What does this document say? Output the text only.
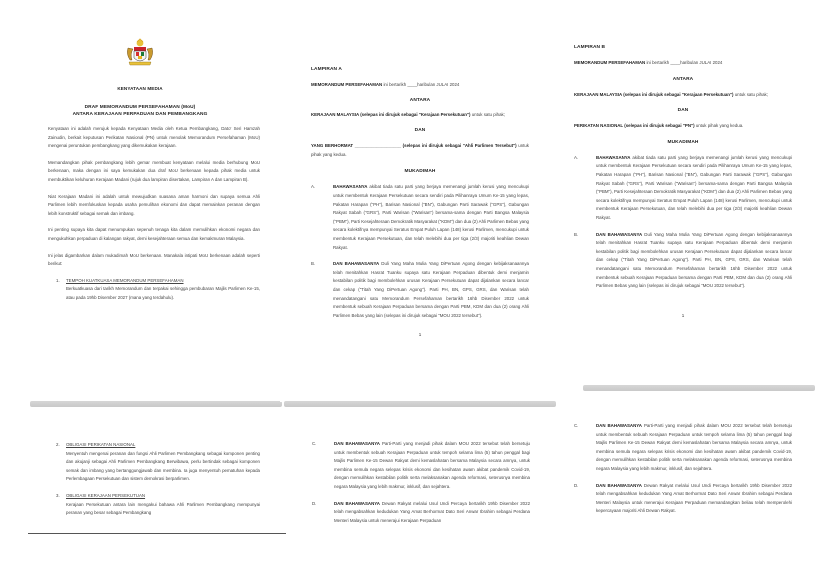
KENYATAAN MEDIA
DRAF MEMORANDUM PERSEFAHAMAN (MoU)
ANTARA KERAJAAN PERPADUAN DAN PEMBANGKANG

Kenyataan ini adalah merujuk kepada Kenyataan Media oleh Ketua Pembangkang, Dato' Seri Hamzah Zainudin, berkait keputusan Perikatan Nasional (PN) untuk menolak Memorandum Persefahaman (MoU) mengenai peruntukan pembangkang yang dikemukakan kerajaan.

Memandangkan pihak pembangkang lebih gemar membuat kenyataan melalui media berhubung MoU berkenaan, maka dengan ini saya kemukakan dua draf MoU berkenaan kepada pihak media untuk membuktikan keluhuran Kerajaan Madani (rujuk dua lampiran disertakan, Lampiran A dan Lampiran B).

Niat Kerajaan Madani ini adalah untuk mewujudkan suasana aman harmoni dan supaya semua Ahli Parlimen lebih memfokuskan kepada usaha pemulihan ekonomi dan dapat memainkan peranan dengan lebih konstruktif sebagai semak dan imbang.

Ini penting supaya kita dapat menumpukan sepenuh tenaga kita dalam memulihkan ekonomi negara dan mengukuhkan perpaduan di kalangan rakyat, demi kesejahteraan semua dan kemakmuran Malaysia.

Ini jelas digambarkan dalam mukadimah MoU berkenaan. Manakala intipati MoU berkenaan adalah seperti berikut:

1.	TEMPOH KUATKUASA MEMORANDUM PERSEFAHAMAN
Berkuatkuasa dari tarikh Memorandum dan terpakai sehingga pembubaran Majlis Parlimen Ke-15, atau pada 19hb Disember 2027 (mana yang terdahulu).
LAMPIRAN A
MEMORANDUM PERSEFAHAMAN ini bertarikh ____haribulan JULAI 2024
ANTARA
KERAJAAN MALAYSIA (selepas ini dirujuk sebagai "Kerajaan Persekutuan") untuk satu pihak;
DAN
YANG BERHORMAT ___________________ (selepas ini dirujuk sebagai "Ahli Parlimen Tersebut") untuk pihak yang kedua.
MUKADIMAH
A.	BAHAWASANYA akibat tiada satu parti yang berjaya memenangi jumlah kerusi yang mencukupi untuk membentuk Kerajaan Persekutuan secara sendiri pada Pilihanraya Umum Ke-15 yang lepas, Pakatan Harapan ("PH"), Barisan Nasional ("BN"), Gabungan Parti Sarawak ("GPS"), Gabungan Rakyat Sabah ("GRS"), Parti Warisan ("Warisan") bersama-sama dengan Parti Bangsa Malaysia ("PBM"), Parti Kesejahteraan Demokratik Masyarakat ("KDM") dan dua (2) Ahli Parlimen Bebas yang secara kolektifnya mempunyai Seratus Empat Puluh Lapan (148) kerusi Parlimen, mencukupi untuk membentuk Kerajaan Persekutuan, dan telah melebihi dua per tiga (2/3) majoriti keahlian Dewan Rakyat.
B.	DAN BAHAWASANYA Duli Yang Maha Mulia Yang DiPertuan Agong dengan kebijaksanaannya telah menitahkan Hasrat Tuanku supaya satu Kerajaan Perpaduan dibentuk demi menjamin kestabilan politik bagi membolehkan urusan Kerajaan Persekutuan dapat dijalankan secara lancar dan cekap ("Titah Yang DiPertuan Agong"). Parti PH, BN, GPS, GRS, dan Warisan telah menandatangani satu Memorandum Persefahaman bertarikh 16hb Disember 2022 untuk membentuk sebuah Kerajaan Perpaduan bersama dengan Parti PBM, KDM dan dua (2) orang Ahli Parlimen Bebas yang lain (selepas ini dirujuk sebagai "MOU 2022 tersebut").
1
LAMPIRAN B
MEMORANDUM PERSEFAHAMAN ini bertarikh ____haribulan JULAI 2024
ANTARA
KERAJAAN MALAYSIA (selepas ini dirujuk sebagai "Kerajaan Persekutuan") untuk satu pihak;
DAN
PERIKATAN NASIONAL (selepas ini dirujuk sebagai "PN") untuk pihak yang kedua.
MUKADIMAH
A.	BAHAWASANYA akibat tiada satu parti yang berjaya memenangi jumlah kerusi yang mencukupi untuk membentuk Kerajaan Persekutuan secara sendiri pada Pilihanraya Umum Ke-15 yang lepas, Pakatan Harapan ("PH"), Barisan Nasional ("BN"), Gabungan Parti Sarawak ("GPS"), Gabungan Rakyat Sabah ("GRS"), Parti Warisan ("Warisan") bersama-sama dengan Parti Bangsa Malaysia ("PBM"), Parti Kesejahteraan Demokratik Masyarakat ("KDM") dan dua (2) Ahli Parlimen Bebas yang secara kolektifnya mempunyai Seratus Empat Puluh Lapan (148) kerusi Parlimen, mencukupi untuk membentuk Kerajaan Persekutuan, dan telah melebihi dua per tiga (2/3) majoriti keahlian Dewan Rakyat.
B.	DAN BAHAWASANYA Duli Yang Maha Mulia Yang DiPertuan Agong dengan kebijaksanaannya telah menitahkan Hasrat Tuanku supaya satu Kerajaan Perpaduan dibentuk demi menjamin kestabilan politik bagi membolehkan urusan Kerajaan Persekutuan dapat dijalankan secara lancar dan cekap ("Titah Yang DiPertuan Agong"). Parti PH, BN, GPS, GRS, dan Warisan telah menandatangani satu Memorandum Persefahaman bertarikh 16hb Disember 2022 untuk membentuk sebuah Kerajaan Perpaduan bersama dengan Parti PBM, KDM dan dua (2) orang Ahli Parlimen Bebas yang lain (selepas ini dirujuk sebagai "MOU 2022 tersebut").
1
2.	OBLIGASI PERIKATAN NASIONAL
Menyentuh mengenai peranan dan fungsi Ahli Parlimen Pembangkang sebagai komponen penting dan akujanji sebagai Ahli Parlimen Pembangkang Berwibawa, perlu bertindak sebagai komponen semak dan imbang yang bertanggungjawab dan membina. Ia juga menyentuh pematuhan kepada Perlembagaan Persekutuan dan sistem demokrasi berparlimen.
3.	OBLIGASI KERAJAAN PERSEKUTUAN
Kerajaan Persekutuan antara lain mengakui bahawa Ahli Parlimen Pembangkang mempunyai peranan yang besar sebagai Pembangkang
C.	DAN BAHAWASANYA Parti-Parti yang menjadi pihak dalam MOU 2022 tersebut telah bersetuju untuk membentuk sebuah Kerajaan Perpaduan untuk tempoh selama lima (5) tahun penggal bagi Majlis Parlimen Ke-15 Dewan Rakyat demi kemaslahatan bersama Malaysia secara amnya, untuk membina semula negara selepas krisis ekonomi dan kesihatan awam akibat pandemik Covid-19, dengan memulihkan kestabilan politik serta melaksanakan agenda reformasi, seterusnya membina negara Malaysia yang lebih makmur, inklusif, dan sejahtera.
D.	DAN BAHAWASANYA Dewan Rakyat melalui Usul Undi Percaya bertarikh 19hb Disember 2022 telah mengabsahkan kedudukan Yang Amat Berhormat Dato Seri Anwar Ibrahim sebagai Perdana Menteri Malaysia untuk menerajui Kerajaan Perpaduan
C.	DAN BAHAWASANYA Parti-Parti yang menjadi pihak dalam MOU 2022 tersebut telah bersetuju untuk membentuk sebuah Kerajaan Perpaduan untuk tempoh selama lima (5) tahun penggal bagi Majlis Parlimen Ke-15 Dewan Rakyat demi kemaslahatan bersama Malaysia secara amnya, untuk membina semula negara selepas krisis ekonomi dan kesihatan awam akibat pandemik Covid-19, dengan memulihkan kestabilan politik serta melaksanakan agenda reformasi, seterusnya membina negara Malaysia yang lebih makmur, inklusif, dan sejahtera.
D.	DAN BAHAWASANYA Dewan Rakyat melalui Usul Undi Percaya bertarikh 19hb Disember 2022 telah mengabsahkan kedudukan Yang Amat Berhormat Dato Seri Anwar Ibrahim sebagai Perdana Menteri Malaysia untuk menerajui Kerajaan Perpaduan memandangkan beliau telah memperolehi kepercayaan majoriti Ahli Dewan Rakyat.
